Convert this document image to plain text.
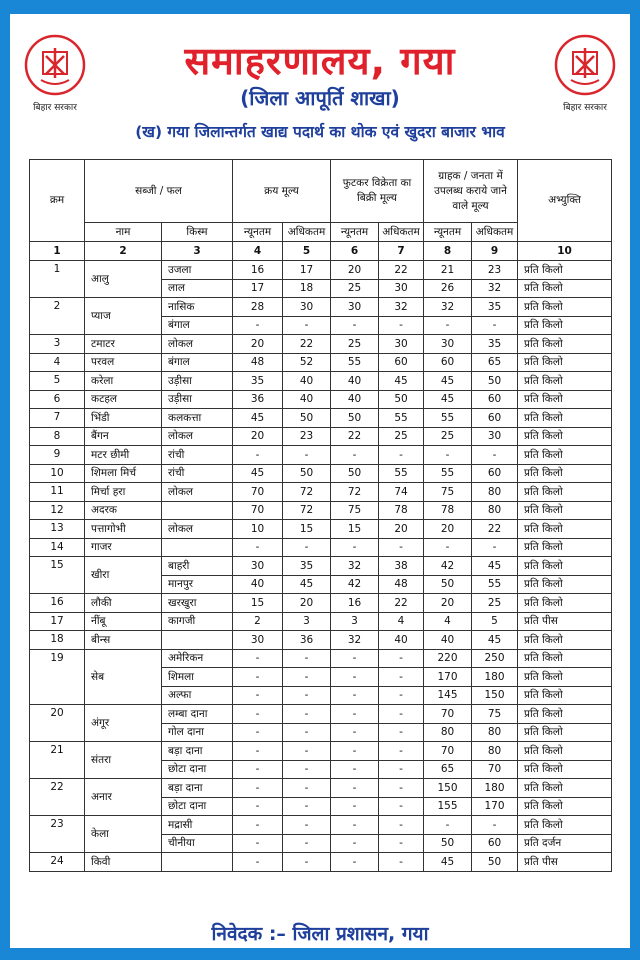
बिहार सरकार
समाहरणालय, गया
(जिला आपूर्ति शाखा)
(ख) गया जिलान्तर्गत खाद्य पदार्थ का थोक एवं खुदरा बाजार भाव
बिहार सरकार
क्रम	सब्जी / फल		क्रय मूल्य		फुटकर विक्रेता का बिक्री मूल्य		ग्राहक / जनता में उपलब्ध कराये जाने वाले मूल्य		अभ्युक्ति
	नाम	किस्म	न्यूनतम	अधिकतम	न्यूनतम	अधिकतम	न्यूनतम	अधिकतम	
1	2	3	4	5	6	7	8	9	10
1	आलु	उजला	16	17	20	22	21	23	प्रति किलो
		लाल	17	18	25	30	26	32	प्रति किलो
2	प्याज	नासिक	28	30	30	32	32	35	प्रति किलो
		बंगाल	-	-	-	-	-	-	प्रति किलो
3	टमाटर	लोकल	20	22	25	30	30	35	प्रति किलो
4	परवल	बंगाल	48	52	55	60	60	65	प्रति किलो
5	करेला	उड़ीसा	35	40	40	45	45	50	प्रति किलो
6	कटहल	उड़ीसा	36	40	40	50	45	60	प्रति किलो
7	भिंडी	कलकत्ता	45	50	50	55	55	60	प्रति किलो
8	बैंगन	लोकल	20	23	22	25	25	30	प्रति किलो
9	मटर छीमी	रांची	-	-	-	-	-	-	प्रति किलो
10	शिमला मिर्च	रांची	45	50	50	55	55	60	प्रति किलो
11	मिर्चा हरा	लोकल	70	72	72	74	75	80	प्रति किलो
12	अदरक		70	72	75	78	78	80	प्रति किलो
13	पत्तागोभी	लोकल	10	15	15	20	20	22	प्रति किलो
14	गाजर		-	-	-	-	-	-	प्रति किलो
15	खीरा	बाहरी	30	35	32	38	42	45	प्रति किलो
		मानपुर	40	45	42	48	50	55	प्रति किलो
16	लौकी	खरखुरा	15	20	16	22	20	25	प्रति किलो
17	नींबू	कागजी	2	3	3	4	4	5	प्रति पीस
18	बीन्स		30	36	32	40	40	45	प्रति किलो
19	सेब	अमेरिकन	-	-	-	-	220	250	प्रति किलो
		शिमला	-	-	-	-	170	180	प्रति किलो
		अल्फा	-	-	-	-	145	150	प्रति किलो
20	अंगूर	लम्बा दाना	-	-	-	-	70	75	प्रति किलो
		गोल दाना	-	-	-	-	80	80	प्रति किलो
21	संतरा	बड़ा दाना	-	-	-	-	70	80	प्रति किलो
		छोटा दाना	-	-	-	-	65	70	प्रति किलो
22	अनार	बड़ा दाना	-	-	-	-	150	180	प्रति किलो
		छोटा दाना	-	-	-	-	155	170	प्रति किलो
23	केला	मद्रासी	-	-	-	-	-	-	प्रति किलो
		चीनीया	-	-	-	-	50	60	प्रति दर्जन
24	किवी		-	-	-	-	45	50	प्रति पीस
निवेदक :– जिला प्रशासन, गया
